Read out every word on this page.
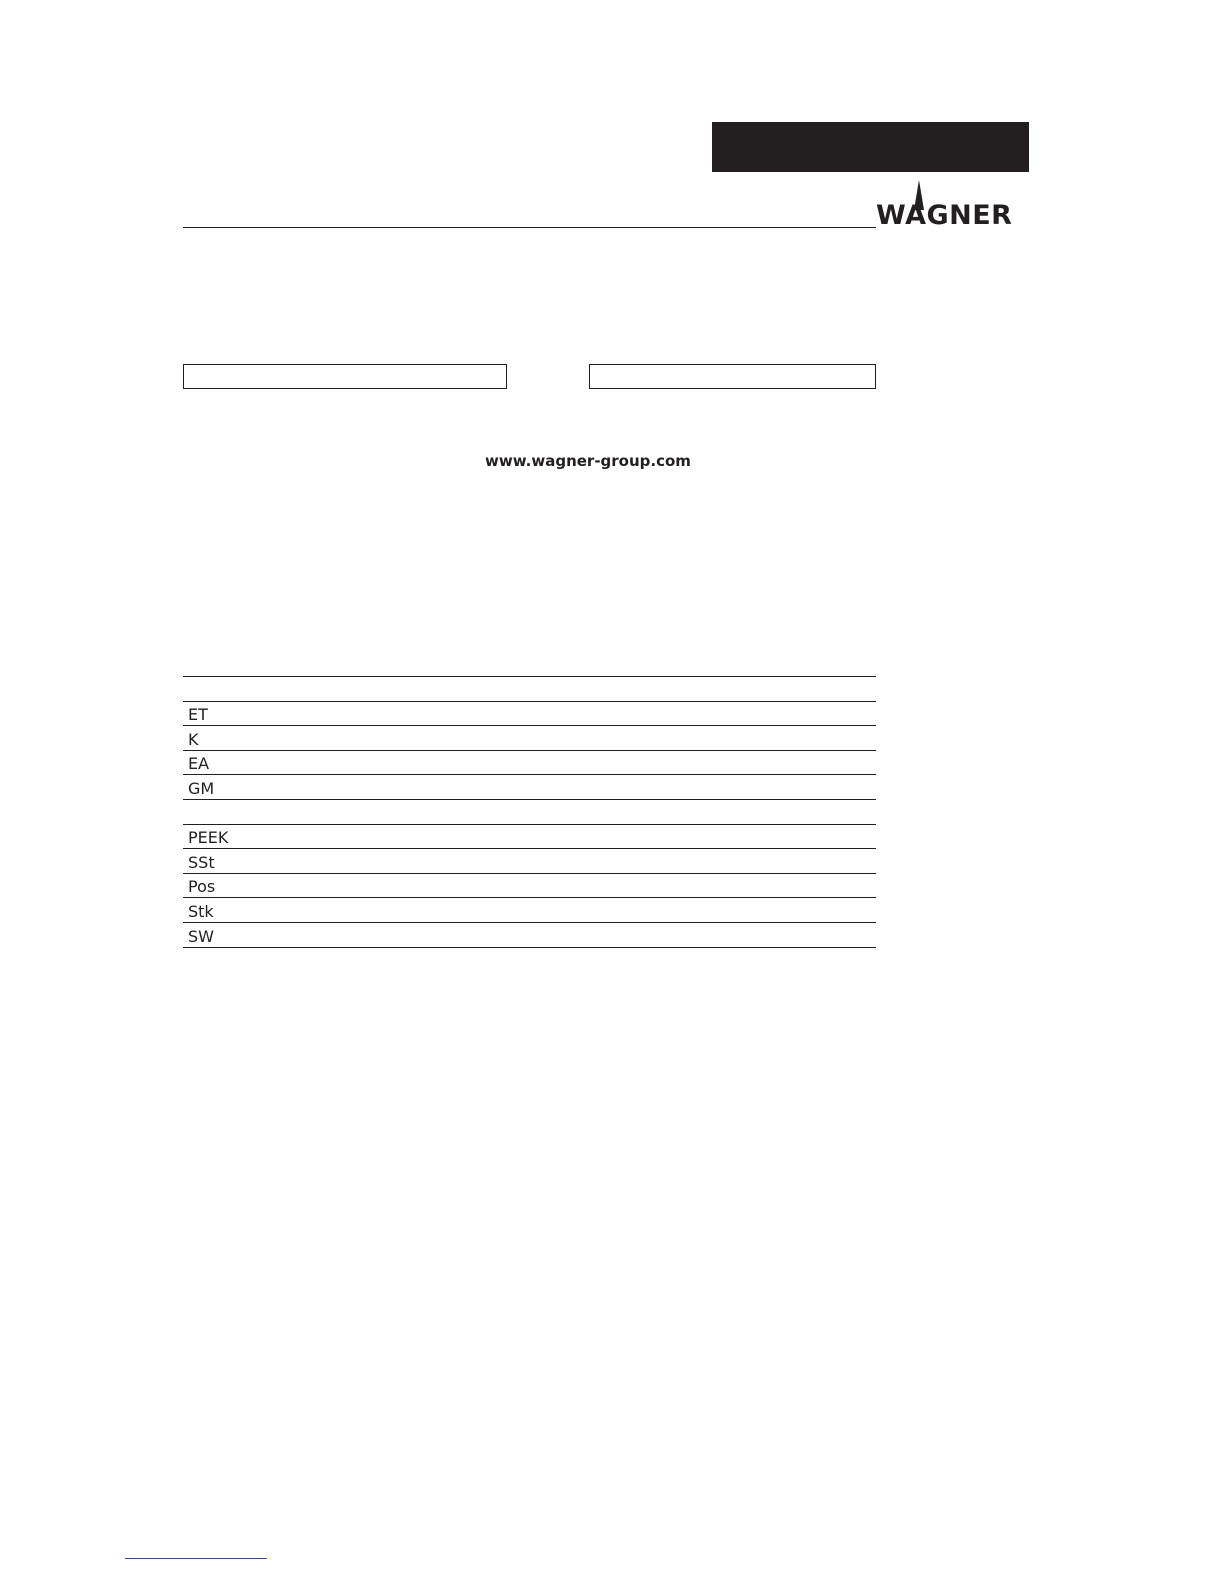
WAGNER
www.wagner-group.com
ET
K
EA
GM
PEEK
SSt
Pos
Stk
SW
